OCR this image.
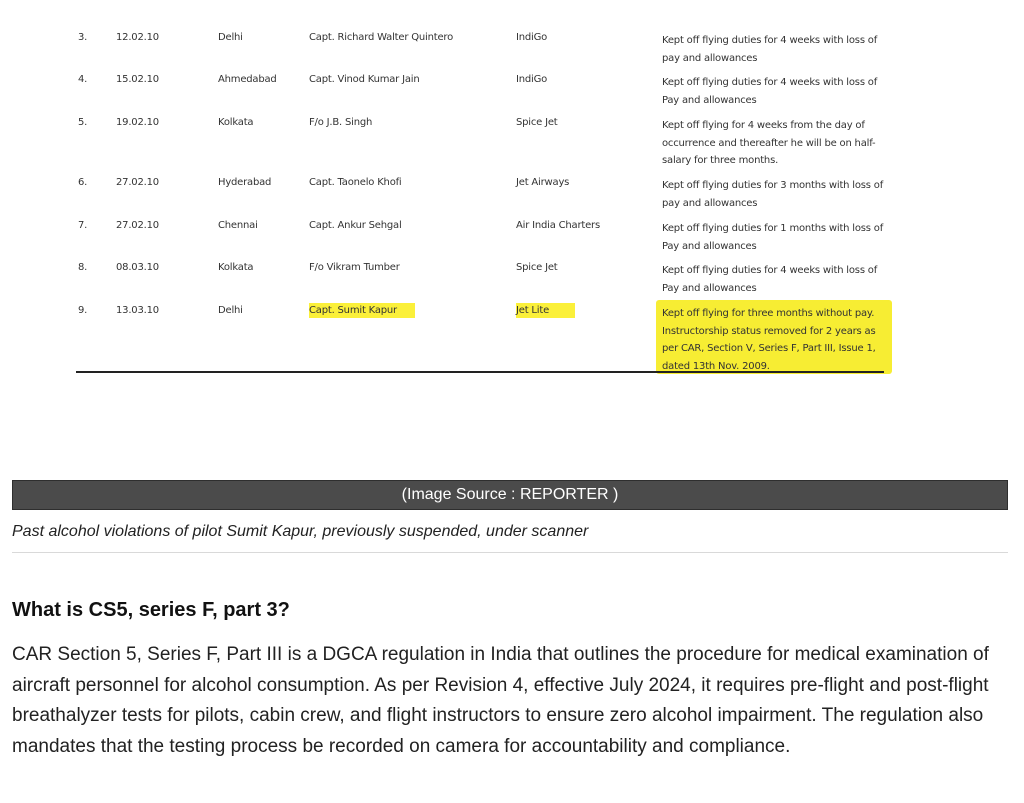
3.	12.02.10	Delhi	Capt. Richard Walter Quintero	IndiGo	Kept off flying duties for 4 weeks with loss of pay and allowances
4.	15.02.10	Ahmedabad	Capt. Vinod Kumar Jain	IndiGo	Kept off flying duties for 4 weeks with loss of Pay and allowances
5.	19.02.10	Kolkata	F/o J.B. Singh	Spice Jet	Kept off flying for 4 weeks from the day of occurrence and thereafter he will be on half-salary for three months.
6.	27.02.10	Hyderabad	Capt. Taonelo Khofi	Jet Airways	Kept off flying duties for 3 months with loss of pay and allowances
7.	27.02.10	Chennai	Capt. Ankur Sehgal	Air India Charters	Kept off flying duties for 1 months with loss of Pay and allowances
8.	08.03.10	Kolkata	F/o Vikram Tumber	Spice Jet	Kept off flying duties for 4 weeks with loss of Pay and allowances
9.	13.03.10	Delhi	Capt. Sumit Kapur	Jet Lite	Kept off flying for three months without pay. Instructorship status removed for 2 years as per CAR, Section V, Series F, Part III, Issue 1, dated 13th Nov. 2009.
(Image Source : REPORTER )
Past alcohol violations of pilot Sumit Kapur, previously suspended, under scanner
What is CS5, series F, part 3?

CAR Section 5, Series F, Part III is a DGCA regulation in India that outlines the procedure for medical examination of aircraft personnel for alcohol consumption. As per Revision 4, effective July 2024, it requires pre-flight and post-flight breathalyzer tests for pilots, cabin crew, and flight instructors to ensure zero alcohol impairment. The regulation also mandates that the testing process be recorded on camera for accountability and compliance.
